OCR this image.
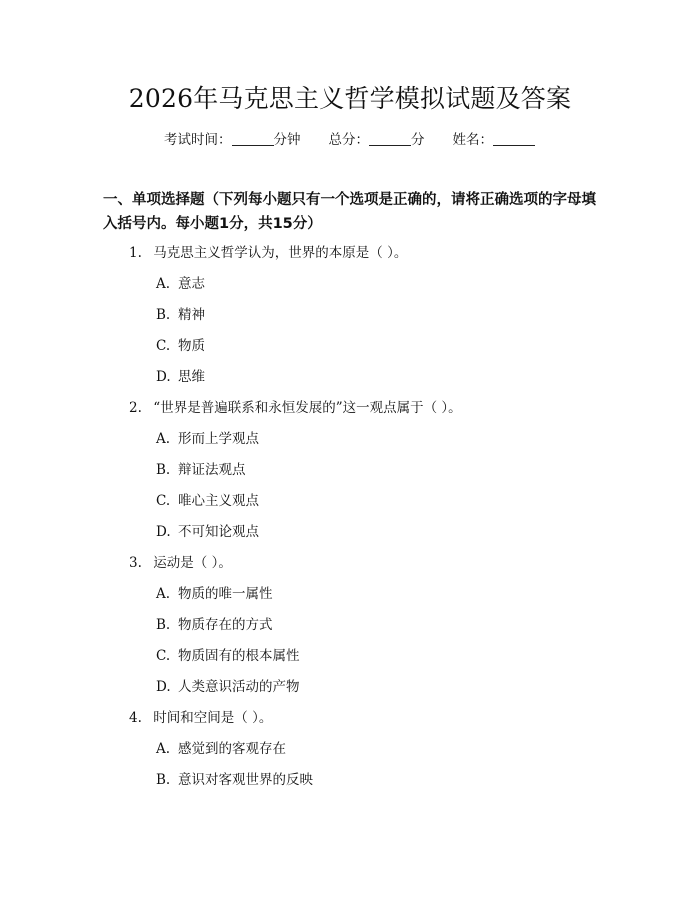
2026年马克思主义哲学模拟试题及答案
考试时间：	分钟 总分：	分 姓名：
一、单项选择题（下列每小题只有一个选项是正确的，请将正确选项的字母填入括号内。每小题1分，共15分）
1. 马克思主义哲学认为，世界的本原是（ ）。
A. 意志
B. 精神
C. 物质
D. 思维
2. “世界是普遍联系和永恒发展的”这一观点属于（ ）。
A. 形而上学观点
B. 辩证法观点
C. 唯心主义观点
D. 不可知论观点
3. 运动是（ ）。
A. 物质的唯一属性
B. 物质存在的方式
C. 物质固有的根本属性
D. 人类意识活动的产物
4. 时间和空间是（ ）。
A. 感觉到的客观存在
B. 意识对客观世界的反映
